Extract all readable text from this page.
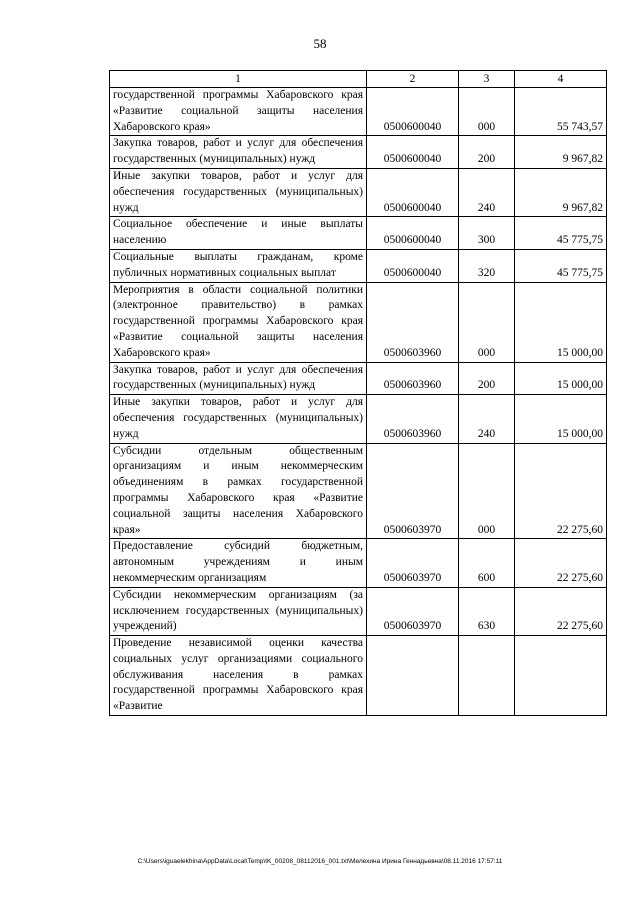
58
1	2	3	4
государственной программы Хабаровского края «Развитие социальной защиты населения Хабаровского края»	0500600040	000	55 743,57
Закупка товаров, работ и услуг для обеспечения государственных (муниципальных) нужд	0500600040	200	9 967,82
Иные закупки товаров, работ и услуг для обеспечения государственных (муниципальных) нужд	0500600040	240	9 967,82
Социальное обеспечение и иные выплаты населению	0500600040	300	45 775,75
Социальные выплаты гражданам, кроме публичных нормативных социальных выплат	0500600040	320	45 775,75
Мероприятия в области социальной политики (электронное правительство) в рамках государственной программы Хабаровского края «Развитие социальной защиты населения Хабаровского края»	0500603960	000	15 000,00
Закупка товаров, работ и услуг для обеспечения государственных (муниципальных) нужд	0500603960	200	15 000,00
Иные закупки товаров, работ и услуг для обеспечения государственных (муниципальных) нужд	0500603960	240	15 000,00
Субсидии отдельным общественным организациям и иным некоммерческим объединениям в рамках государственной программы Хабаровского края «Развитие социальной защиты населения Хабаровского края»	0500603970	000	22 275,60
Предоставление субсидий бюджетным, автономным учреждениям и иным некоммерческим организациям	0500603970	600	22 275,60
Субсидии некоммерческим организациям (за исключением государственных (муниципальных) учреждений)	0500603970	630	22 275,60
Проведение независимой оценки качества социальных услуг организациями социального обслуживания населения в рамках государственной программы Хабаровского края «Развитие			
C:\Users\iguaelekhina\AppData\Local\Temp\IK_00208_08112016_001.txt\Мелехина Ирина Геннадьевна\08.11.2016 17:57:11
